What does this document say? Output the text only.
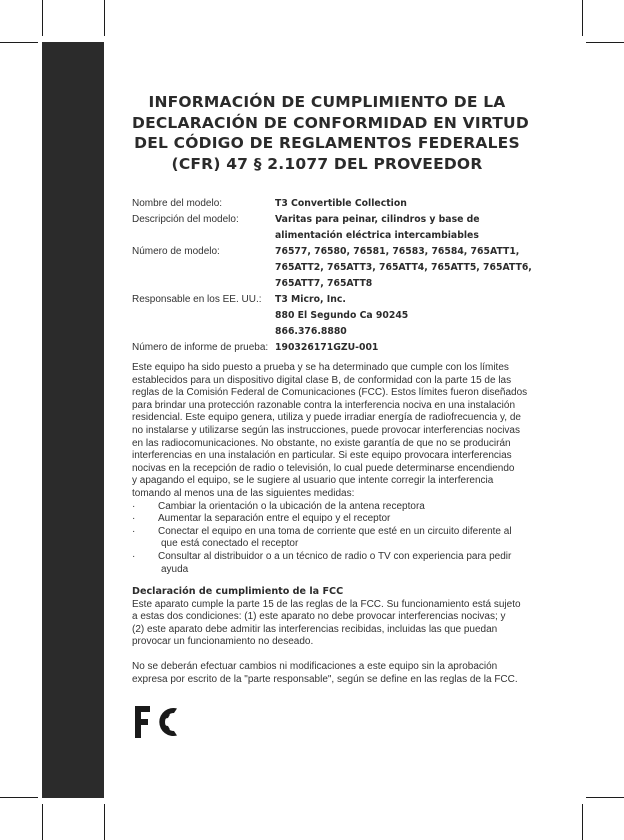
INFORMACIÓN DE CUMPLIMIENTO DE LA
DECLARACIÓN DE CONFORMIDAD EN VIRTUD
DEL CÓDIGO DE REGLAMENTOS FEDERALES
(CFR) 47 § 2.1077 DEL PROVEEDOR
Nombre del modelo:	T3 Convertible Collection
Descripción del modelo:	Varitas para peinar, cilindros y base de
alimentación eléctrica intercambiables
Número de modelo:	76577, 76580, 76581, 76583, 76584, 765ATT1,
765ATT2, 765ATT3, 765ATT4, 765ATT5, 765ATT6,
765ATT7, 765ATT8
Responsable en los EE. UU.:	T3 Micro, Inc.
880 El Segundo Ca 90245
866.376.8880
Número de informe de prueba: 190326171GZU-001
Este equipo ha sido puesto a prueba y se ha determinado que cumple con los límites
establecidos para un dispositivo digital clase B, de conformidad con la parte 15 de las
reglas de la Comisión Federal de Comunicaciones (FCC). Estos límites fueron diseñados
para brindar una protección razonable contra la interferencia nociva en una instalación
residencial. Este equipo genera, utiliza y puede irradiar energía de radiofrecuencia y, de
no instalarse y utilizarse según las instrucciones, puede provocar interferencias nocivas
en las radiocomunicaciones. No obstante, no existe garantía de que no se producirán
interferencias en una instalación en particular. Si este equipo provocara interferencias
nocivas en la recepción de radio o televisión, lo cual puede determinarse encendiendo
y apagando el equipo, se le sugiere al usuario que intente corregir la interferencia
tomando al menos una de las siguientes medidas:
·	Cambiar la orientación o la ubicación de la antena receptora
·	Aumentar la separación entre el equipo y el receptor
·	Conectar el equipo en una toma de corriente que esté en un circuito diferente al
que está conectado el receptor
·	Consultar al distribuidor o a un técnico de radio o TV con experiencia para pedir
ayuda
Declaración de cumplimiento de la FCC
Este aparato cumple la parte 15 de las reglas de la FCC. Su funcionamiento está sujeto
a estas dos condiciones: (1) este aparato no debe provocar interferencias nocivas; y
(2) este aparato debe admitir las interferencias recibidas, incluidas las que puedan
provocar un funcionamiento no deseado.
No se deberán efectuar cambios ni modificaciones a este equipo sin la aprobación
expresa por escrito de la "parte responsable", según se define en las reglas de la FCC.
